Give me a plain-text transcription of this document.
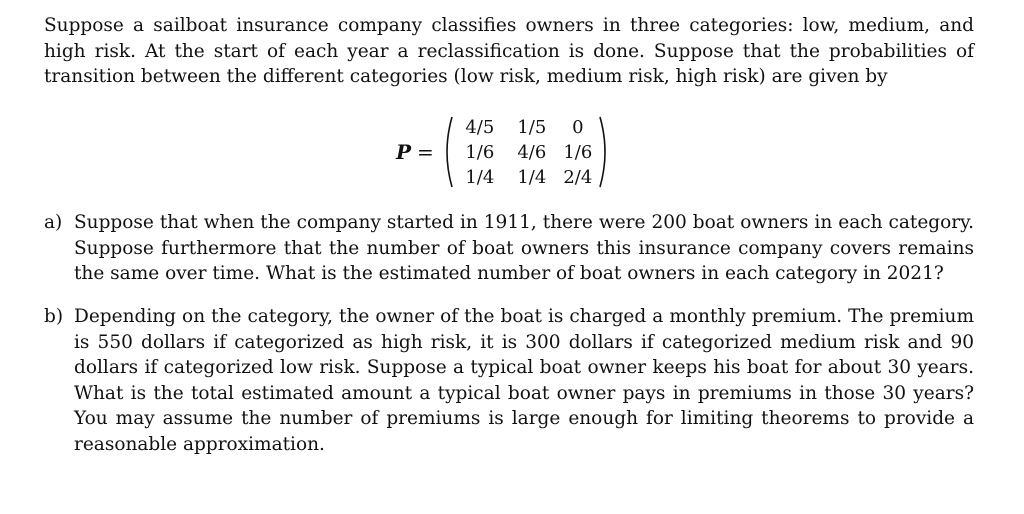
Suppose a sailboat insurance company classifies owners in three categories: low, medium, and high risk. At the start of each year a reclassification is done. Suppose that the probabilities of transition between the different categories (low risk, medium risk, high risk) are given by

P =
4/5	1/5	0
1/6	4/6 1/6
1/4	1/4 2/4
a) Suppose that when the company started in 1911, there were 200 boat owners in each category. Suppose furthermore that the number of boat owners this insurance company covers remains the same over time. What is the estimated number of boat owners in each category in 2021?

b) Depending on the category, the owner of the boat is charged a monthly premium. The premium is 550 dollars if categorized as high risk, it is 300 dollars if categorized medium risk and 90 dollars if categorized low risk. Suppose a typical boat owner keeps his boat for about 30 years. What is the total estimated amount a typical boat owner pays in premiums in those 30 years? You may assume the number of premiums is large enough for limiting theorems to provide a reasonable approximation.
